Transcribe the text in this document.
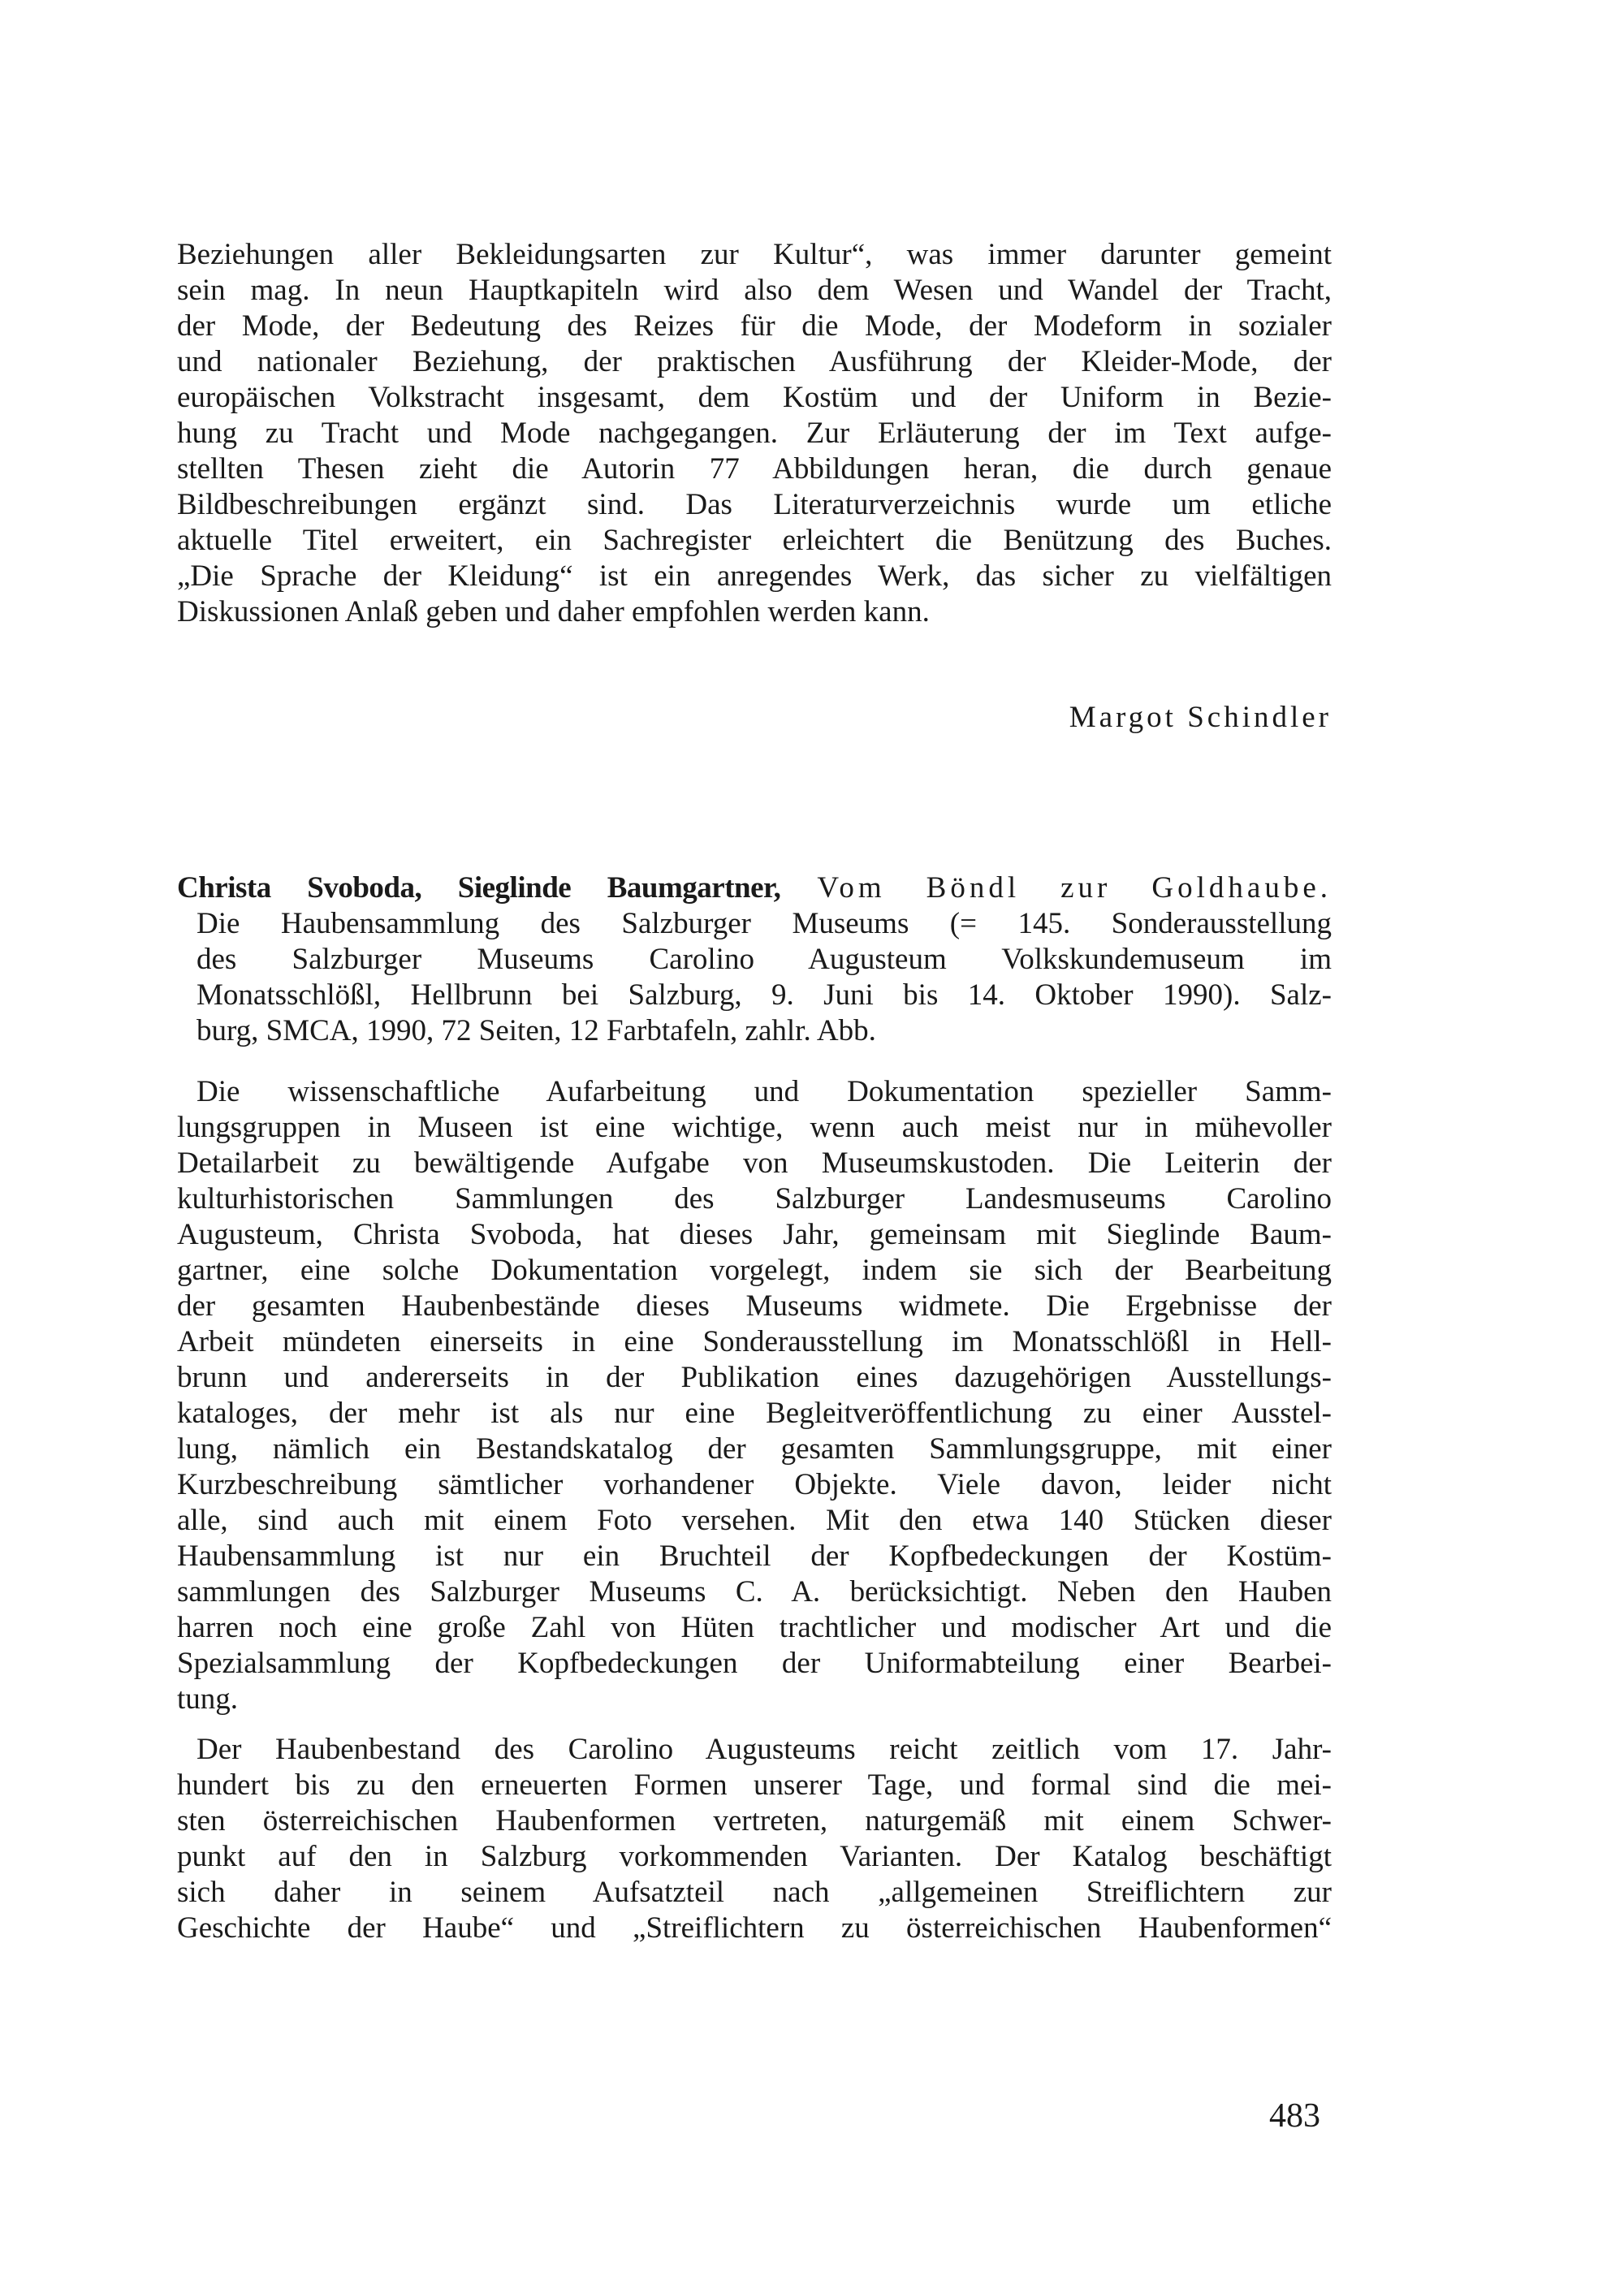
Beziehungen aller Bekleidungsarten zur Kultur“, was immer darunter gemeint
sein mag. In neun Hauptkapiteln wird also dem Wesen und Wandel der Tracht,
der Mode, der Bedeutung des Reizes für die Mode, der Modeform in sozialer
und nationaler Beziehung, der praktischen Ausführung der Kleider-Mode, der
europäischen Volkstracht insgesamt, dem Kostüm und der Uniform in Bezie-
hung zu Tracht und Mode nachgegangen. Zur Erläuterung der im Text aufge-
stellten Thesen zieht die Autorin 77 Abbildungen heran, die durch genaue
Bildbeschreibungen ergänzt sind. Das Literaturverzeichnis wurde um etliche
aktuelle Titel erweitert, ein Sachregister erleichtert die Benützung des Buches.
„Die Sprache der Kleidung“ ist ein anregendes Werk, das sicher zu vielfältigen
Diskussionen Anlaß geben und daher empfohlen werden kann.
Margot Schindler
Christa Svoboda, Sieglinde Baumgartner, Vom Böndl zur Goldhaube.
Die Haubensammlung des Salzburger Museums (= 145. Sonderausstellung
des Salzburger Museums Carolino Augusteum Volkskundemuseum im
Monatsschlößl, Hellbrunn bei Salzburg, 9. Juni bis 14. Oktober 1990). Salz-
burg, SMCA, 1990, 72 Seiten, 12 Farbtafeln, zahlr. Abb.
Die wissenschaftliche Aufarbeitung und Dokumentation spezieller Samm-
lungsgruppen in Museen ist eine wichtige, wenn auch meist nur in mühevoller
Detailarbeit zu bewältigende Aufgabe von Museumskustoden. Die Leiterin der
kulturhistorischen Sammlungen des Salzburger Landesmuseums Carolino
Augusteum, Christa Svoboda, hat dieses Jahr, gemeinsam mit Sieglinde Baum-
gartner, eine solche Dokumentation vorgelegt, indem sie sich der Bearbeitung
der gesamten Haubenbestände dieses Museums widmete. Die Ergebnisse der
Arbeit mündeten einerseits in eine Sonderausstellung im Monatsschlößl in Hell-
brunn und andererseits in der Publikation eines dazugehörigen Ausstellungs-
kataloges, der mehr ist als nur eine Begleitveröffentlichung zu einer Ausstel-
lung, nämlich ein Bestandskatalog der gesamten Sammlungsgruppe, mit einer
Kurzbeschreibung sämtlicher vorhandener Objekte. Viele davon, leider nicht
alle, sind auch mit einem Foto versehen. Mit den etwa 140 Stücken dieser
Haubensammlung ist nur ein Bruchteil der Kopfbedeckungen der Kostüm-
sammlungen des Salzburger Museums C. A. berücksichtigt. Neben den Hauben
harren noch eine große Zahl von Hüten trachtlicher und modischer Art und die
Spezialsammlung der Kopfbedeckungen der Uniformabteilung einer Bearbei-
tung.
Der Haubenbestand des Carolino Augusteums reicht zeitlich vom 17. Jahr-
hundert bis zu den erneuerten Formen unserer Tage, und formal sind die mei-
sten österreichischen Haubenformen vertreten, naturgemäß mit einem Schwer-
punkt auf den in Salzburg vorkommenden Varianten. Der Katalog beschäftigt
sich daher in seinem Aufsatzteil nach „allgemeinen Streiflichtern zur
Geschichte der Haube“ und „Streiflichtern zu österreichischen Haubenformen“
483
